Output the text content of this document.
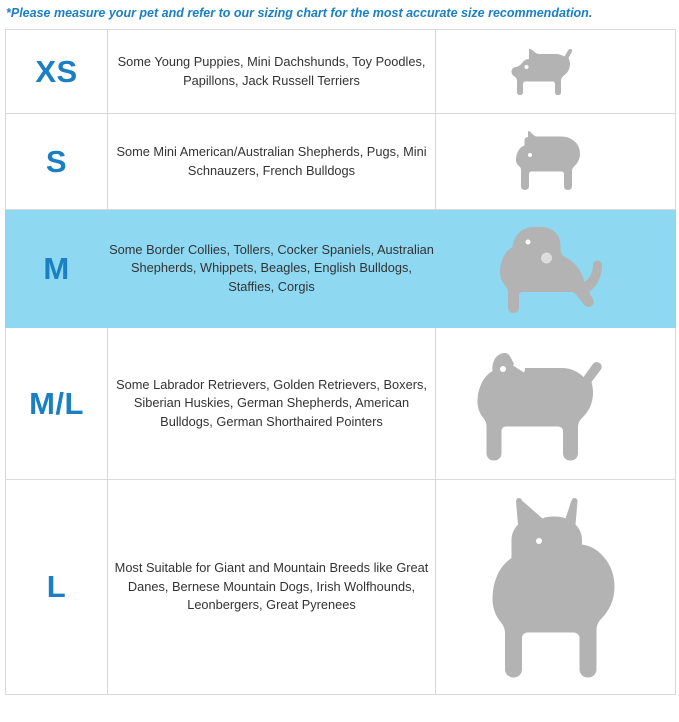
*Please measure your pet and refer to our sizing chart for the most accurate size recommendation.
XS	Some Young Puppies, Mini Dachshunds, Toy Poodles, Papillons, Jack Russell Terriers	

S	Some Mini American/Australian Shepherds, Pugs, Mini Schnauzers, French Bulldogs	

M	Some Border Collies, Tollers, Cocker Spaniels, Australian Shepherds, Whippets, Beagles, English Bulldogs, Staffies, Corgis	

M/L	Some Labrador Retrievers, Golden Retrievers, Boxers, Siberian Huskies, German Shepherds, American Bulldogs, German Shorthaired Pointers	

L	Most Suitable for Giant and Mountain Breeds like Great Danes, Bernese Mountain Dogs, Irish Wolfhounds, Leonbergers, Great Pyrenees	
